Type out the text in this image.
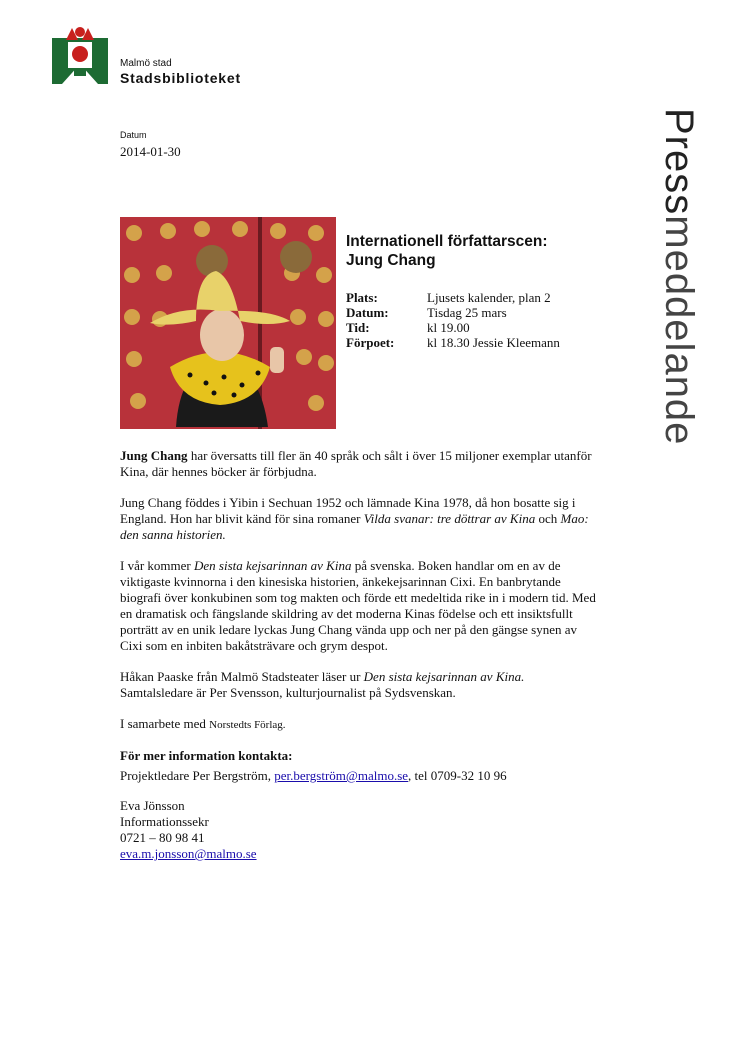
Malmö stad
Stadsbiblioteket
Pressmeddelande
Datum
2014-01-30
Internationell författarscen:
Jung Chang
Plats:	Ljusets kalender, plan 2
Datum:	Tisdag 25 mars
Tid:	kl 19.00
Förpoet:	kl 18.30 Jessie Kleemann

Jung Chang har översatts till fler än 40 språk och sålt i över 15 miljoner exemplar utanför Kina, där hennes böcker är förbjudna.

Jung Chang föddes i Yibin i Sechuan 1952 och lämnade Kina 1978, då hon bosatte sig i England. Hon har blivit känd för sina romaner Vilda svanar: tre döttrar av Kina och Mao: den sanna historien.

I vår kommer Den sista kejsarinnan av Kina på svenska. Boken handlar om en av de viktigaste kvinnorna i den kinesiska historien, änkekejsarinnan Cixi. En banbrytande biografi över konkubinen som tog makten och förde ett medeltida rike in i modern tid. Med en dramatisk och fängslande skildring av det moderna Kinas födelse och ett insiktsfullt porträtt av en unik ledare lyckas Jung Chang vända upp och ner på den gängse synen av Cixi som en inbiten bakåtsträvare och grym despot.

Håkan Paaske från Malmö Stadsteater läser ur Den sista kejsarinnan av Kina. Samtalsledare är Per Svensson, kulturjournalist på Sydsvenskan.

I samarbete med Norstedts Förlag.

För mer information kontakta:
Projektledare Per Bergström, per.bergström@malmo.se, tel 0709-32 10 96
Eva Jönsson
Informationssekr
0721 – 80 98 41
eva.m.jonsson@malmo.se
